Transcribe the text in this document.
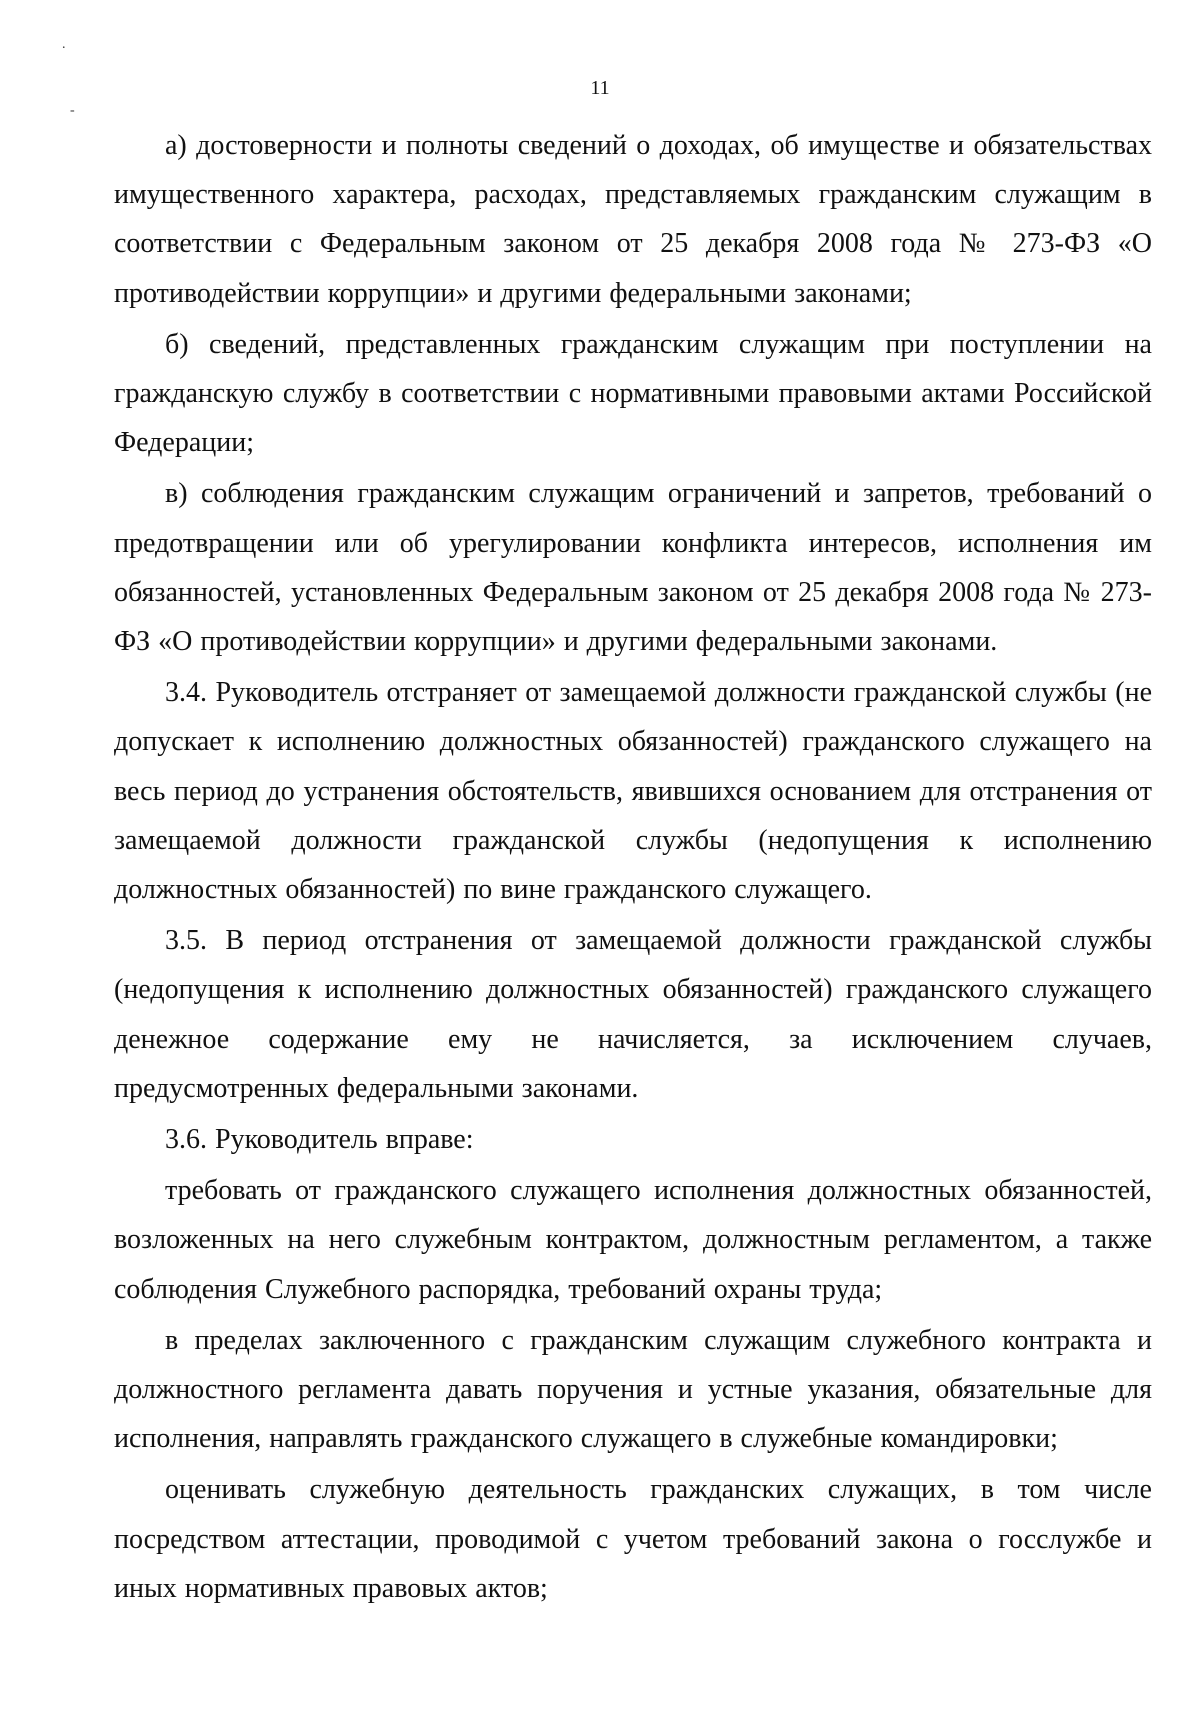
.
-
11

а) достоверности и полноты сведений о доходах, об имуществе и обязательствах имущественного характера, расходах, представляемых гражданским служащим в соответствии с Федеральным законом от 25 декабря 2008 года № 273-ФЗ «О противодействии коррупции» и другими федеральными законами;

б) сведений, представленных гражданским служащим при поступлении на гражданскую службу в соответствии с нормативными правовыми актами Российской Федерации;

в) соблюдения гражданским служащим ограничений и запретов, требований о предотвращении или об урегулировании конфликта интересов, исполнения им обязанностей, установленных Федеральным законом от 25 декабря 2008 года № 273-ФЗ «О противодействии коррупции» и другими федеральными законами.

3.4. Руководитель отстраняет от замещаемой должности гражданской службы (не допускает к исполнению должностных обязанностей) гражданского служащего на весь период до устранения обстоятельств, явившихся основанием для отстранения от замещаемой должности гражданской службы (недопущения к исполнению должностных обязанностей) по вине гражданского служащего.

3.5. В период отстранения от замещаемой должности гражданской службы (недопущения к исполнению должностных обязанностей) гражданского служащего денежное содержание ему не начисляется, за исключением случаев, предусмотренных федеральными законами.

3.6. Руководитель вправе:

требовать от гражданского служащего исполнения должностных обязанностей, возложенных на него служебным контрактом, должностным регламентом, а также соблюдения Служебного распорядка, требований охраны труда;

в пределах заключенного с гражданским служащим служебного контракта и должностного регламента давать поручения и устные указания, обязательные для исполнения, направлять гражданского служащего в служебные командировки;

оценивать служебную деятельность гражданских служащих, в том числе посредством аттестации, проводимой с учетом требований закона о госслужбе и иных нормативных правовых актов;
